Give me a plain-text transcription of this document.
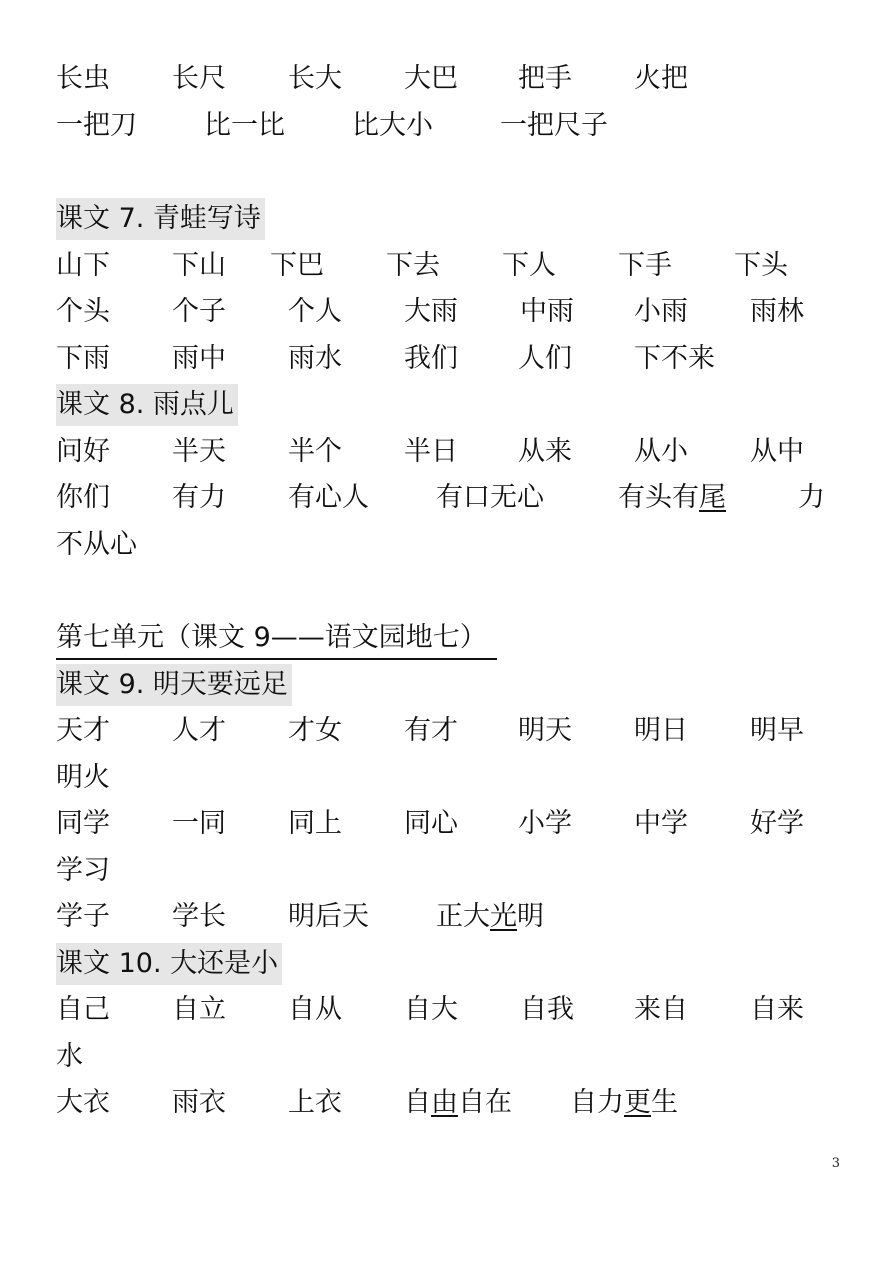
长虫 长尺 长大 大巴 把手 火把
一把刀 比一比 比大小 一把尺子
课文 7. 青蛙写诗
山下 下山 下巴 下去 下人 下手 下头
个头 个子 个人 大雨 中雨 小雨 雨林
下雨 雨中 雨水 我们 人们 下不来
课文 8. 雨点儿
问好 半天 半个 半日 从来 从小 从中
你们 有力 有心人 有口无心	有头有尾	力
不从心
第七单元（课文 9——语文园地七）
课文 9. 明天要远足
天才 人才 才女 有才 明天 明日 明早
明火
同学 一同 同上 同心 小学 中学 好学
学习
学子 学长 明后天 正大光明
课文 10. 大还是小
自己 自立 自从 自大 自我 来自 自来
水
大衣 雨衣 上衣 自由自在 自力更生
3
